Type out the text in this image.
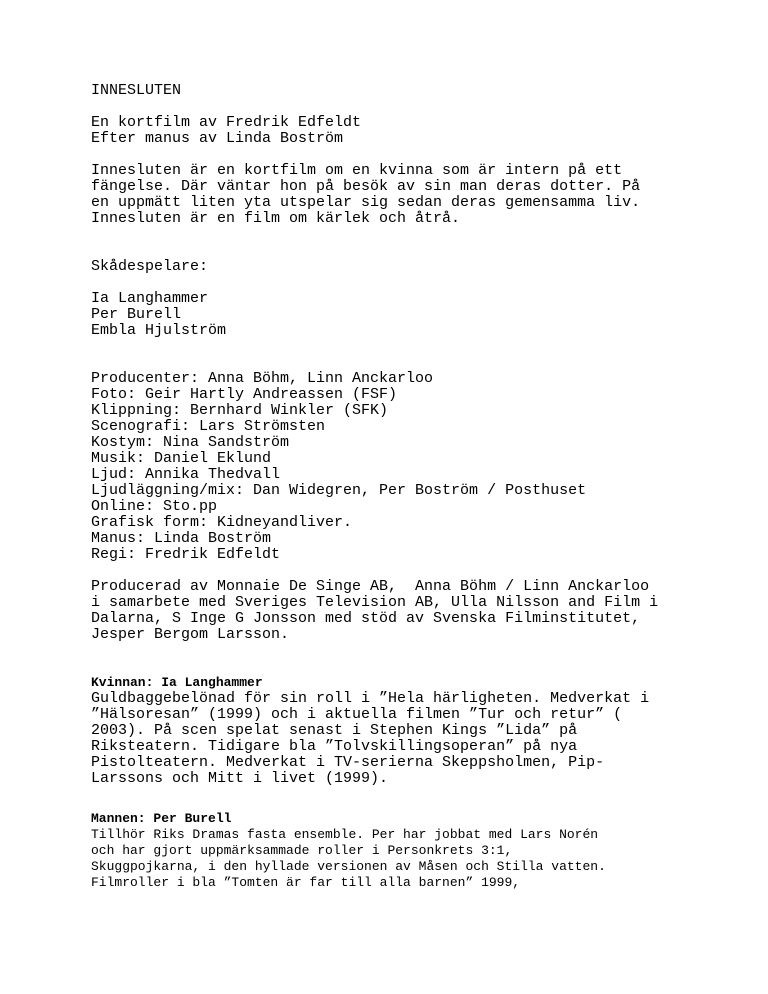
INNESLUTEN
En kortfilm av Fredrik Edfeldt
Efter manus av Linda Boström
Innesluten är en kortfilm om en kvinna som är intern på ett
fängelse. Där väntar hon på besök av sin man deras dotter. På
en uppmätt liten yta utspelar sig sedan deras gemensamma liv.
Innesluten är en film om kärlek och åtrå.
Skådespelare:
Ia Langhammer
Per Burell
Embla Hjulström
Producenter: Anna Böhm, Linn Anckarloo
Foto: Geir Hartly Andreassen (FSF)
Klippning: Bernhard Winkler (SFK)
Scenografi: Lars Strömsten
Kostym: Nina Sandström
Musik: Daniel Eklund
Ljud: Annika Thedvall
Ljudläggning/mix: Dan Widegren, Per Boström / Posthuset
Online: Sto.pp
Grafisk form: Kidneyandliver.
Manus: Linda Boström
Regi: Fredrik Edfeldt
Producerad av Monnaie De Singe AB,  Anna Böhm / Linn Anckarloo
i samarbete med Sveriges Television AB, Ulla Nilsson and Film i
Dalarna, S Inge G Jonsson med stöd av Svenska Filminstitutet,
Jesper Bergom Larsson.
Kvinnan: Ia Langhammer
Guldbaggebelönad för sin roll i ”Hela härligheten. Medverkat i
”Hälsoresan” (1999) och i aktuella filmen ”Tur och retur” (
2003). På scen spelat senast i Stephen Kings ”Lida” på
Riksteatern. Tidigare bla ”Tolvskillingsoperan” på nya
Pistolteatern. Medverkat i TV-serierna Skeppsholmen, Pip-
Larssons och Mitt i livet (1999).
Mannen: Per Burell
Tillhör Riks Dramas fasta ensemble. Per har jobbat med Lars Norén
och har gjort uppmärksammade roller i Personkrets 3:1,
Skuggpojkarna, i den hyllade versionen av Måsen och Stilla vatten.
Filmroller i bla ”Tomten är far till alla barnen” 1999,
